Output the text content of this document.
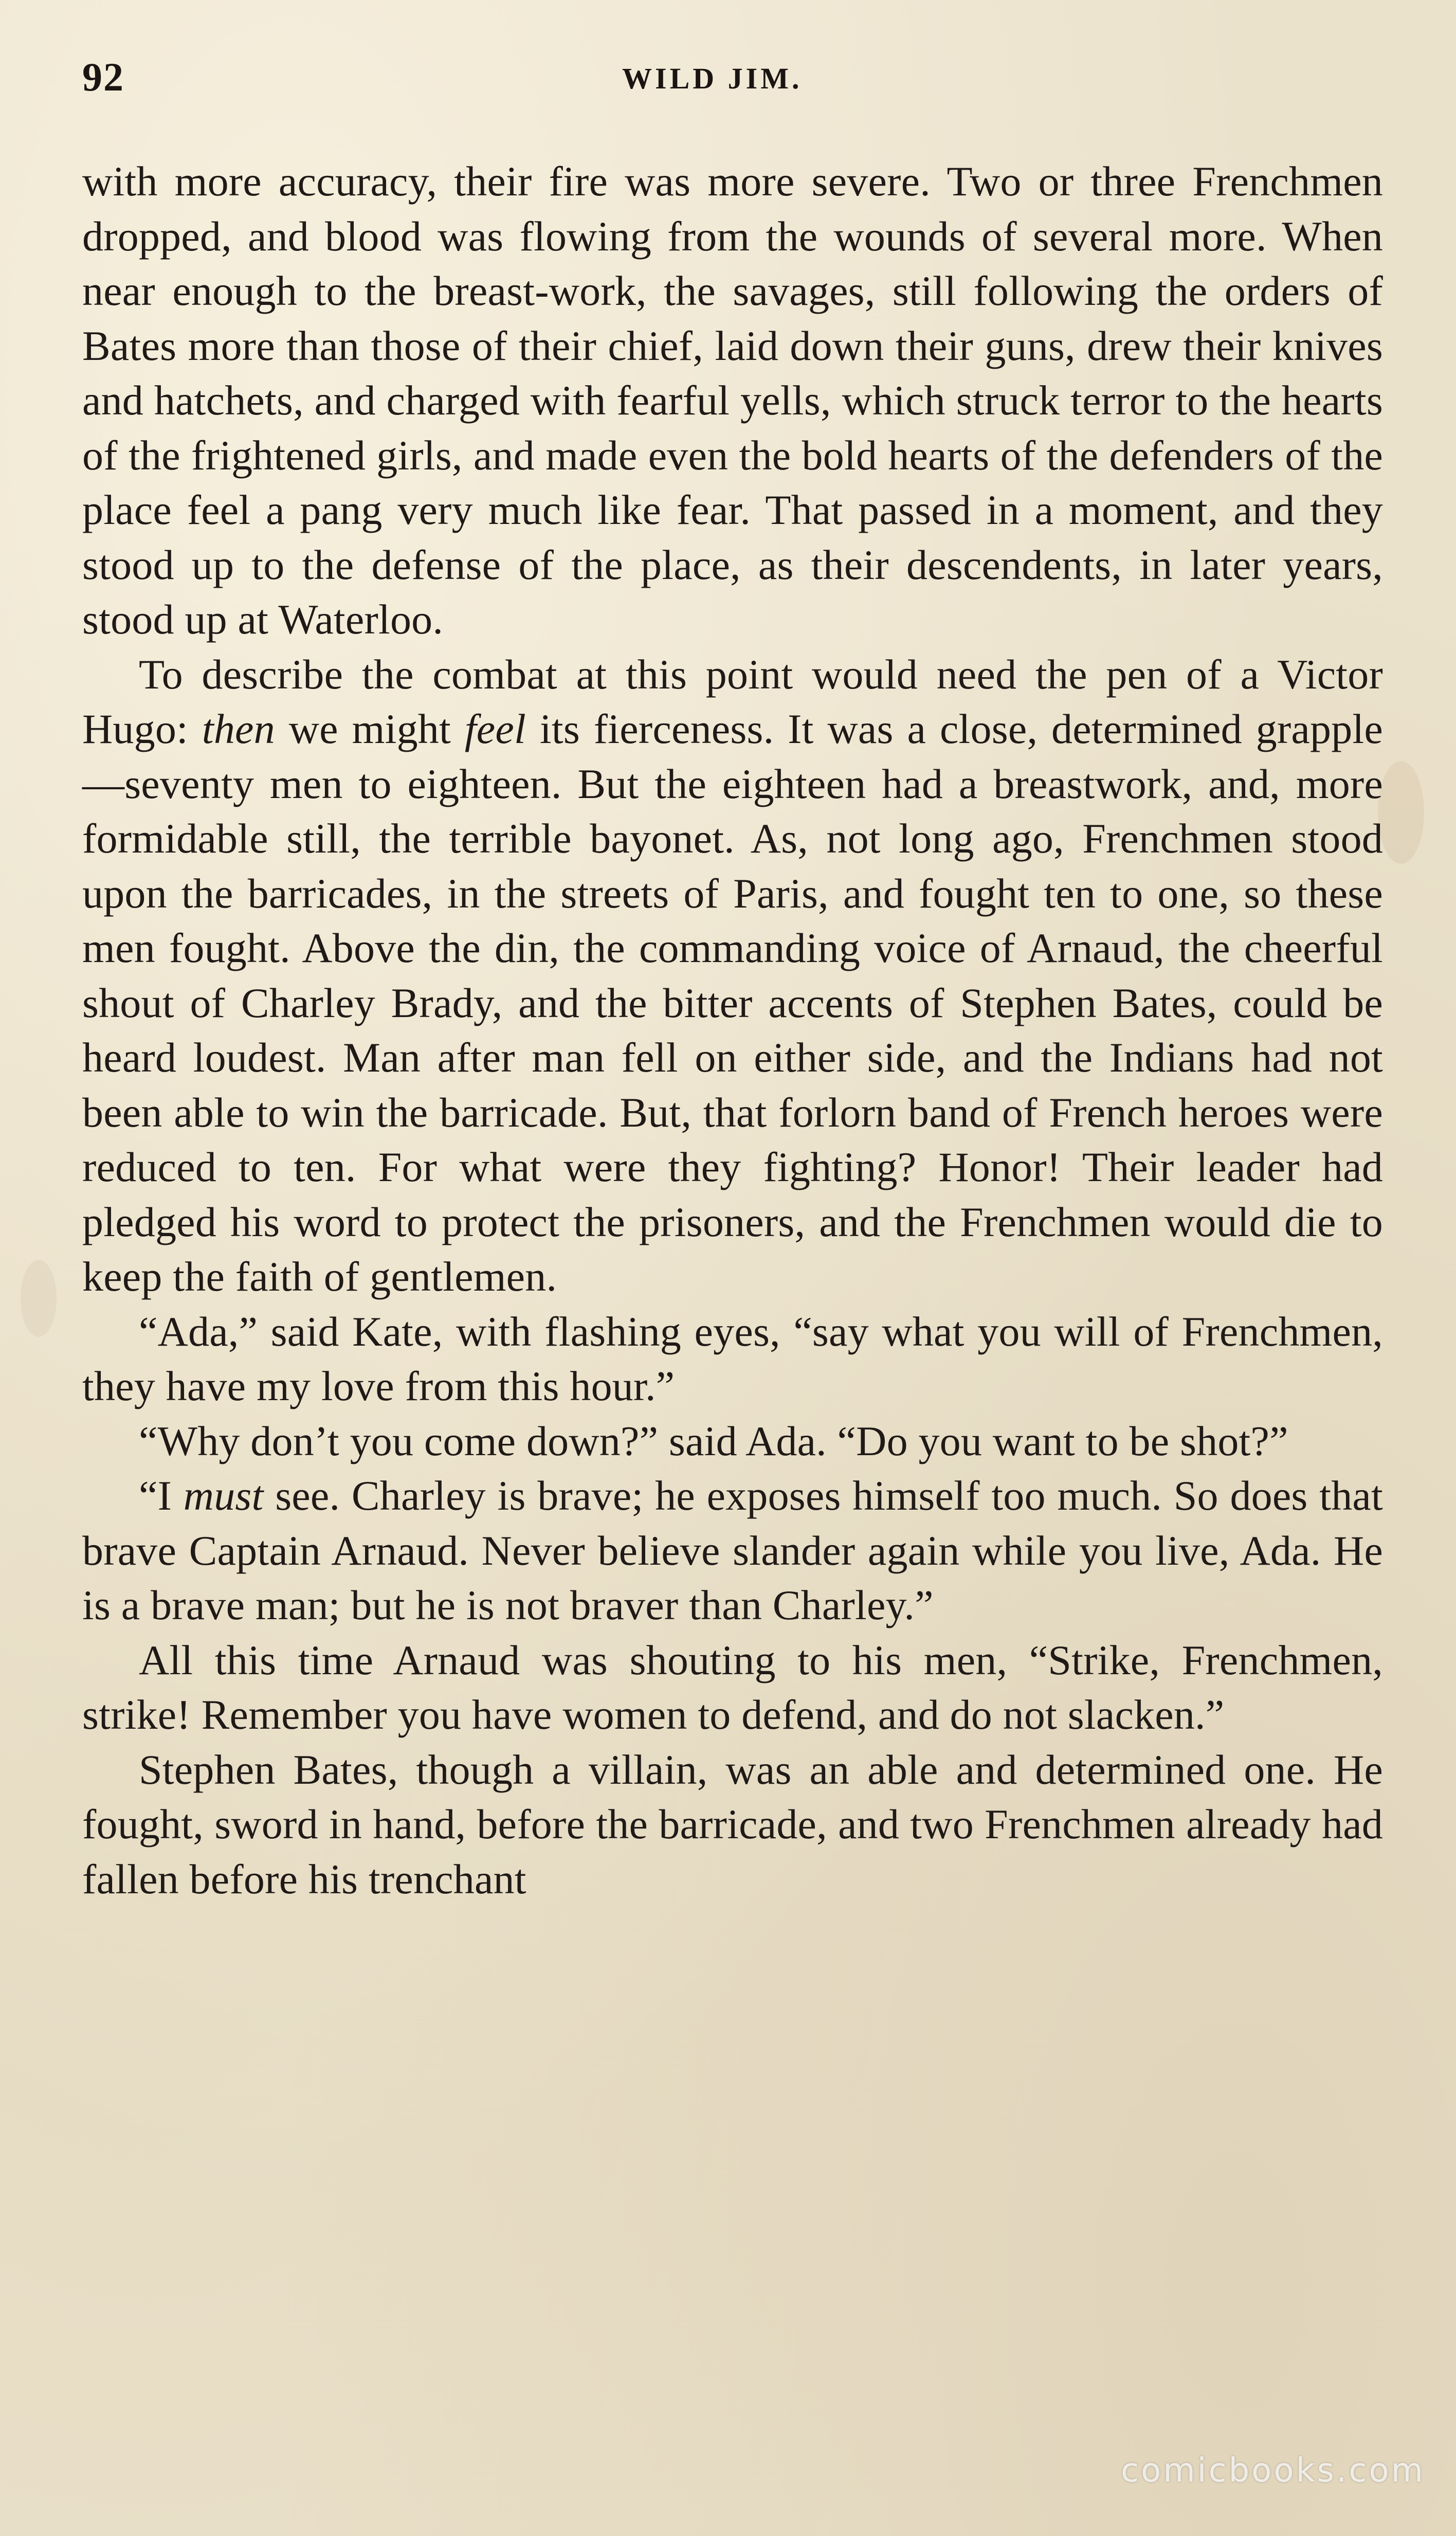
92	WILD JIM.

with more accuracy, their fire was more severe. Two or three Frenchmen dropped, and blood was flowing from the wounds of several more. When near enough to the breast-work, the savages, still following the orders of Bates more than those of their chief, laid down their guns, drew their knives and hatchets, and charged with fearful yells, which struck terror to the hearts of the frightened girls, and made even the bold hearts of the defenders of the place feel a pang very much like fear. That passed in a moment, and they stood up to the defense of the place, as their descendents, in later years, stood up at Waterloo.

To describe the combat at this point would need the pen of a Victor Hugo: then we might feel its fierceness. It was a close, determined grapple—seventy men to eighteen. But the eighteen had a breastwork, and, more formidable still, the terrible bayonet. As, not long ago, Frenchmen stood upon the barricades, in the streets of Paris, and fought ten to one, so these men fought. Above the din, the commanding voice of Arnaud, the cheerful shout of Charley Brady, and the bitter accents of Stephen Bates, could be heard loudest. Man after man fell on either side, and the Indians had not been able to win the barricade. But, that forlorn band of French heroes were reduced to ten. For what were they fighting? Honor! Their leader had pledged his word to protect the prisoners, and the Frenchmen would die to keep the faith of gentlemen.

“Ada,” said Kate, with flashing eyes, “say what you will of Frenchmen, they have my love from this hour.”

“Why don’t you come down?” said Ada. “Do you want to be shot?”

“I must see. Charley is brave; he exposes himself too much. So does that brave Captain Arnaud. Never believe slander again while you live, Ada. He is a brave man; but he is not braver than Charley.”

All this time Arnaud was shouting to his men, “Strike, Frenchmen, strike! Remember you have women to defend, and do not slacken.”

Stephen Bates, though a villain, was an able and determined one. He fought, sword in hand, before the barricade, and two Frenchmen already had fallen before his trenchant

comicbooks.com
